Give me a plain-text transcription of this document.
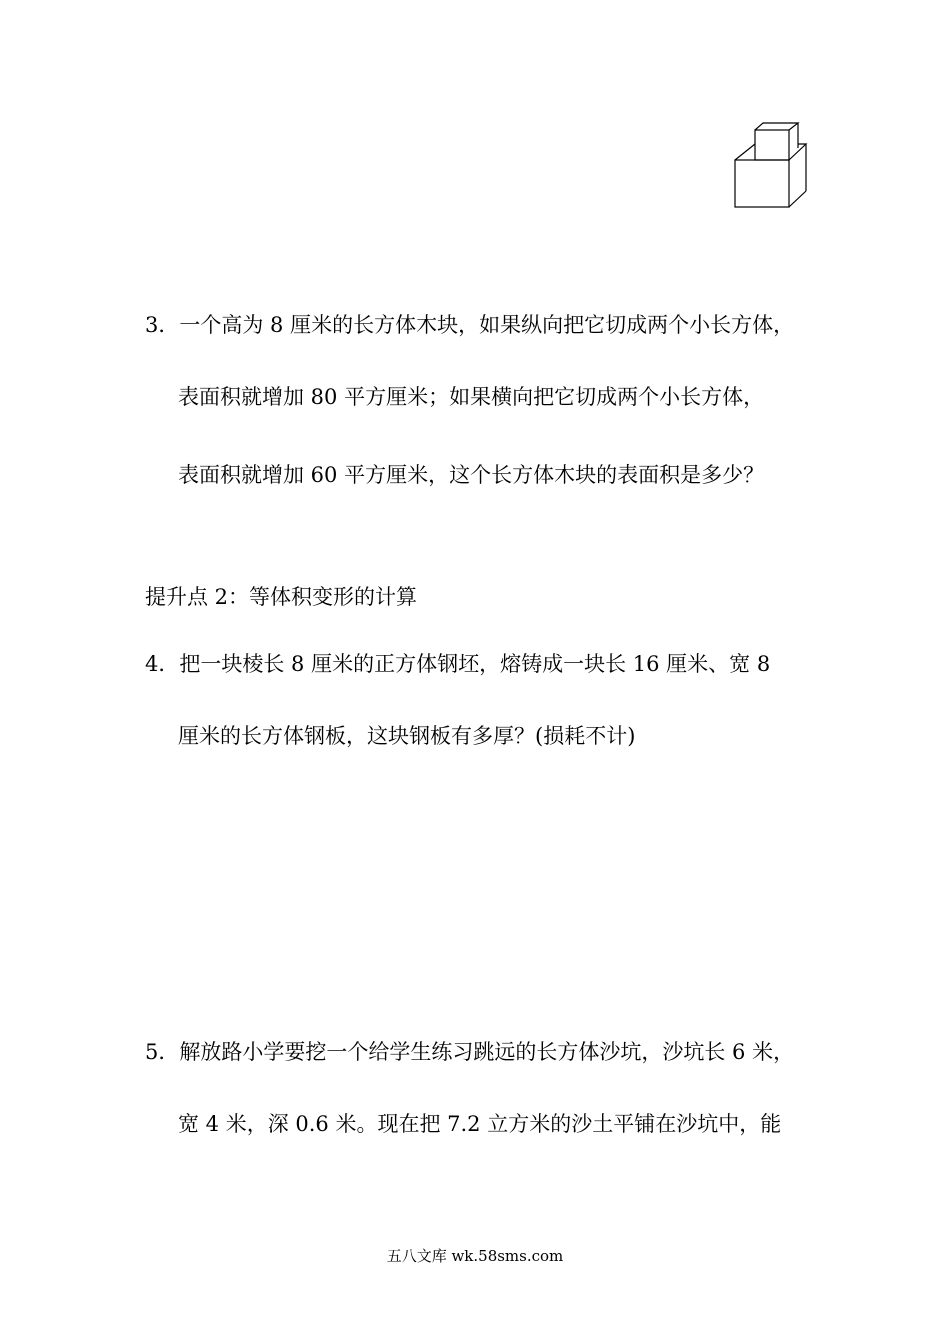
3．一个高为 8 厘米的长方体木块，如果纵向把它切成两个小长方体，
表面积就增加 80 平方厘米；如果横向把它切成两个小长方体，
表面积就增加 60 平方厘米，这个长方体木块的表面积是多少？
提升点 2：等体积变形的计算
4．把一块棱长 8 厘米的正方体钢坯，熔铸成一块长 16 厘米、宽 8
厘米的长方体钢板，这块钢板有多厚？(损耗不计)
5．解放路小学要挖一个给学生练习跳远的长方体沙坑，沙坑长 6 米，
宽 4 米，深 0.6 米。现在把 7.2 立方米的沙土平铺在沙坑中，能
五八文库 wk.58sms.com
